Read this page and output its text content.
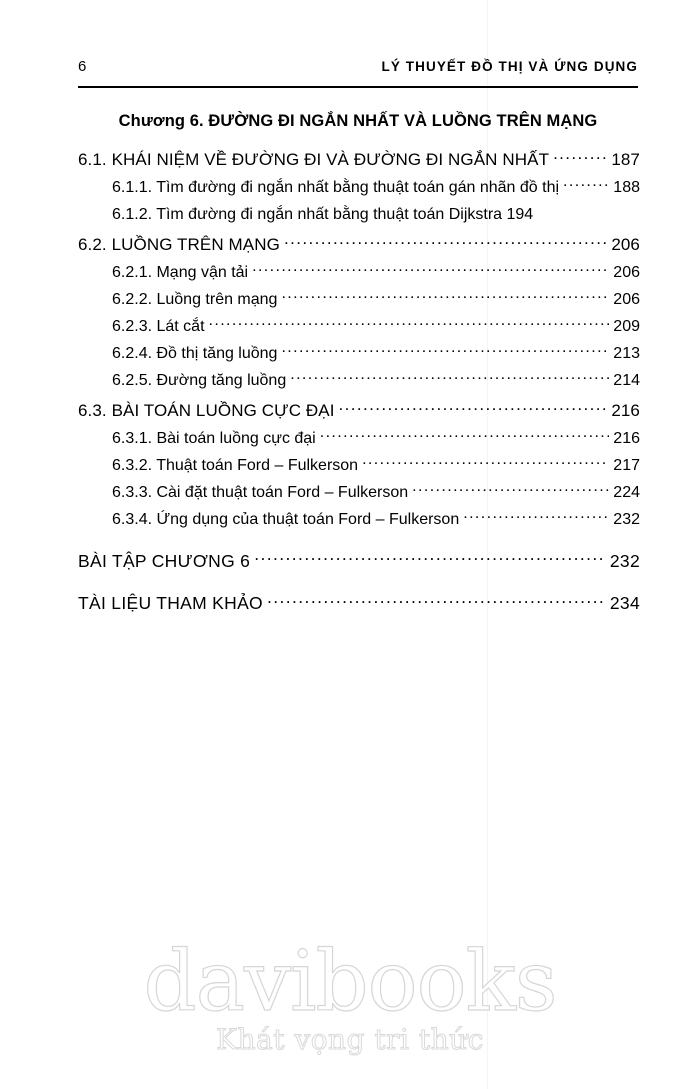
6	LÝ THUYẾT ĐỒ THỊ VÀ ỨNG DỤNG
Chương 6. ĐƯỜNG ĐI NGẮN NHẤT VÀ LUỒNG TRÊN MẠNG
6.1. KHÁI NIỆM VỀ ĐƯỜNG ĐI VÀ ĐƯỜNG ĐI NGẮN NHẤT .....	187
6.1.1. Tìm đường đi ngắn nhất bằng thuật toán gán nhãn đồ thị .....	188
6.1.2. Tìm đường đi ngắn nhất bằng thuật toán Dijkstra 194
6.2. LUỒNG TRÊN MẠNG .....	206
6.2.1. Mạng vận tải .....	206
6.2.2. Luồng trên mạng .....	206
6.2.3. Lát cắt .....	209
6.2.4. Đồ thị tăng luồng .....	213
6.2.5. Đường tăng luồng .....	214
6.3. BÀI TOÁN LUỒNG CỰC ĐẠI .....	216
6.3.1. Bài toán luồng cực đại .....	216
6.3.2. Thuật toán Ford – Fulkerson .....	217
6.3.3. Cài đặt thuật toán Ford – Fulkerson .....	224
6.3.4. Ứng dụng của thuật toán Ford – Fulkerson .....	232
BÀI TẬP CHƯƠNG 6 .....	232
TÀI LIỆU THAM KHẢO .....	234
davibooks
Khát vọng tri thức
